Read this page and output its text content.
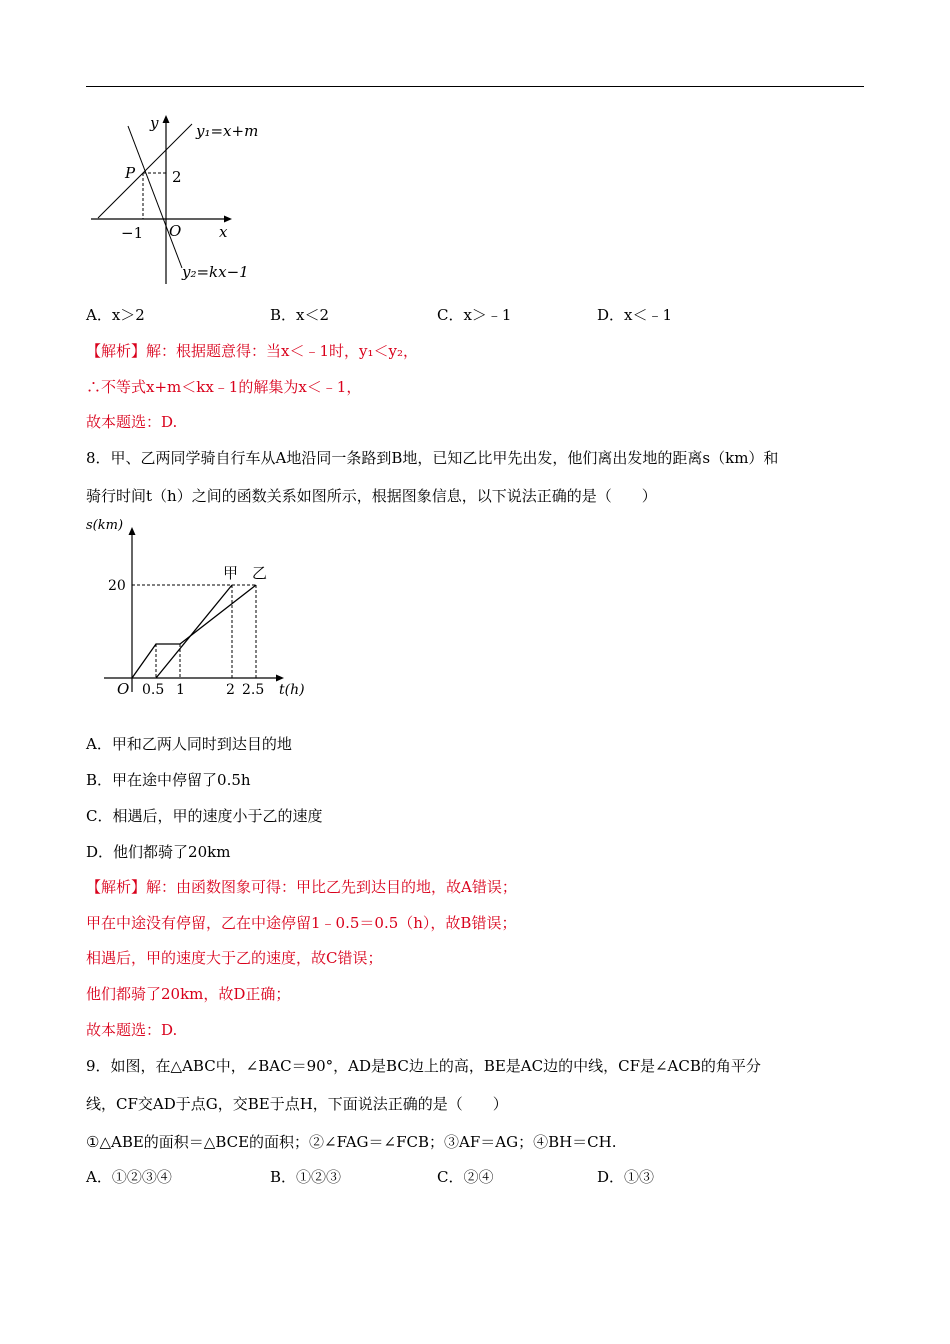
y
x
O
P 2
−1
y₁=x+m
y₂=kx−1
A．x＞2	B．x＜2	C．x＞﹣1	D．x＜﹣1
【解析】解：根据题意得：当x＜﹣1时，y₁＜y₂，
∴不等式x+m＜kx﹣1的解集为x＜﹣1，
故本题选：D.
8．甲、乙两同学骑自行车从A地沿同一条路到B地，已知乙比甲先出发，他们离出发地的距离s（km）和
骑行时间t（h）之间的函数关系如图所示，根据图象信息，以下说法正确的是（　　）
s(km)
t(h)
O
20
0.5 1	2 2.5
甲 乙
A．甲和乙两人同时到达目的地
B．甲在途中停留了0.5h
C．相遇后，甲的速度小于乙的速度
D．他们都骑了20km
【解析】解：由函数图象可得：甲比乙先到达目的地，故A错误；
甲在中途没有停留，乙在中途停留1﹣0.5＝0.5（h），故B错误；
相遇后，甲的速度大于乙的速度，故C错误；
他们都骑了20km，故D正确；
故本题选：D.
9．如图，在△ABC中，∠BAC＝90°，AD是BC边上的高，BE是AC边的中线，CF是∠ACB的角平分
线，CF交AD于点G，交BE于点H，下面说法正确的是（　　）
①△ABE的面积＝△BCE的面积；②∠FAG＝∠FCB；③AF＝AG；④BH＝CH.
A．①②③④	B．①②③	C．②④	D．①③
